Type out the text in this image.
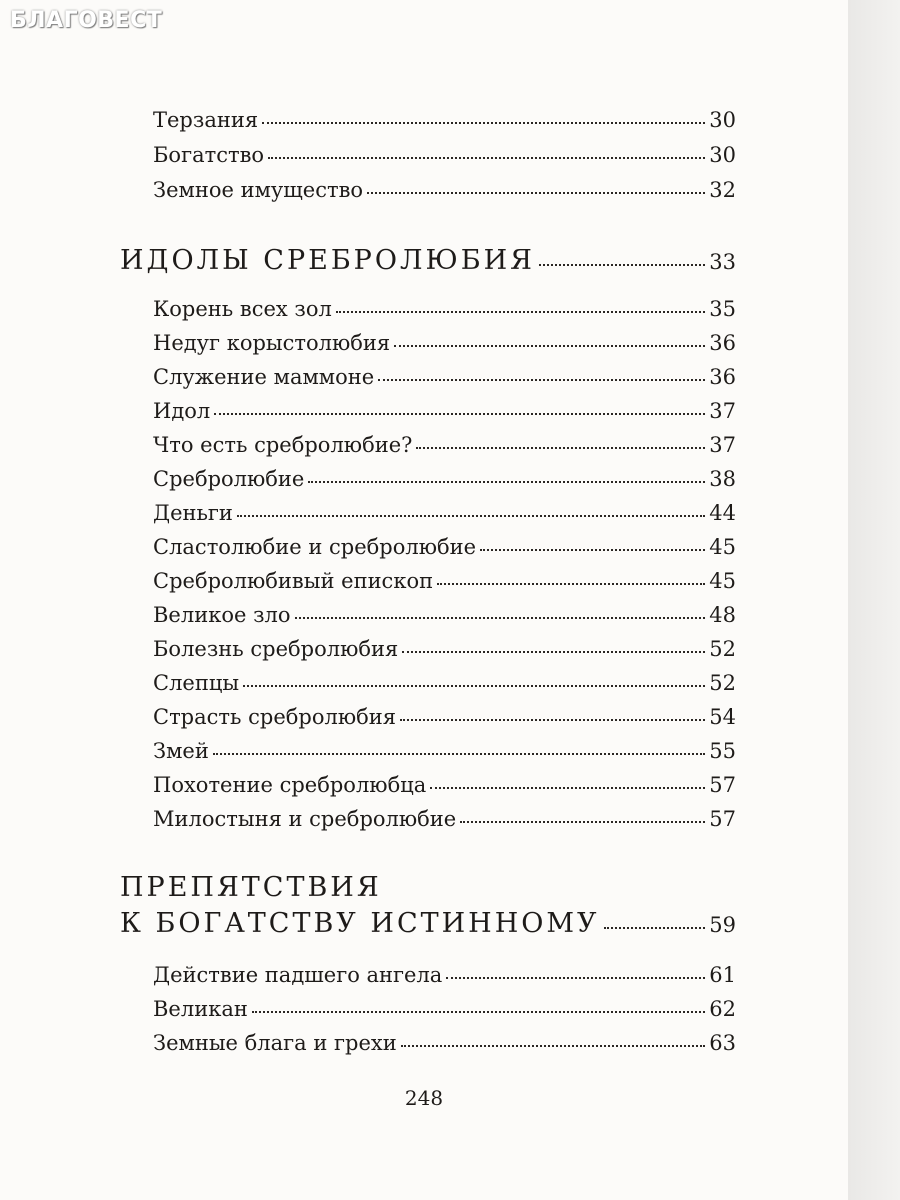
БЛАГОВЕСТ
Терзания	30
Богатство	30
Земное имущество	32
ИДОЛЫ СРЕБРОЛЮБИЯ	33
Корень всех зол	35
Недуг корыстолюбия	36
Служение маммоне	36
Идол	37
Что есть сребролюбие?	37
Сребролюбие	38
Деньги	44
Сластолюбие и сребролюбие	45
Сребролюбивый епископ	45
Великое зло	48
Болезнь сребролюбия	52
Слепцы	52
Страсть сребролюбия	54
Змей	55
Похотение сребролюбца	57
Милостыня и сребролюбие	57
ПРЕПЯТСТВИЯ
К БОГАТСТВУ ИСТИННОМУ	59
Действие падшего ангела	61
Великан	62
Земные блага и грехи	63
248
